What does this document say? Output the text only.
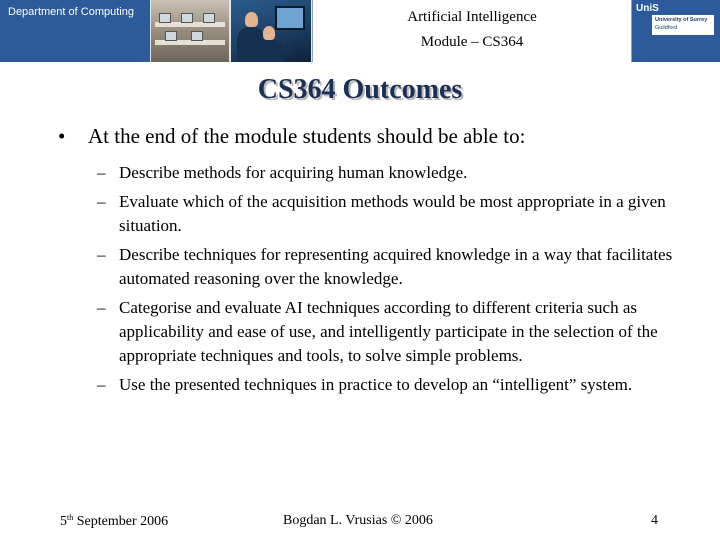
Department of Computing	Artificial Intelligence
Module – CS364
UniS
University of Surrey
Guildford
CS364 Outcomes
• At the end of the module students should be able to:
– Describe methods for acquiring human knowledge.
– Evaluate which of the acquisition methods would be most appropriate in a given situation.
– Describe techniques for representing acquired knowledge in a way that facilitates automated reasoning over the knowledge.
– Categorise and evaluate AI techniques according to different criteria such as applicability and ease of use, and intelligently participate in the selection of the appropriate techniques and tools, to solve simple problems.
– Use the presented techniques in practice to develop an “intelligent” system.
5th September 2006	Bogdan L. Vrusias © 2006	4
